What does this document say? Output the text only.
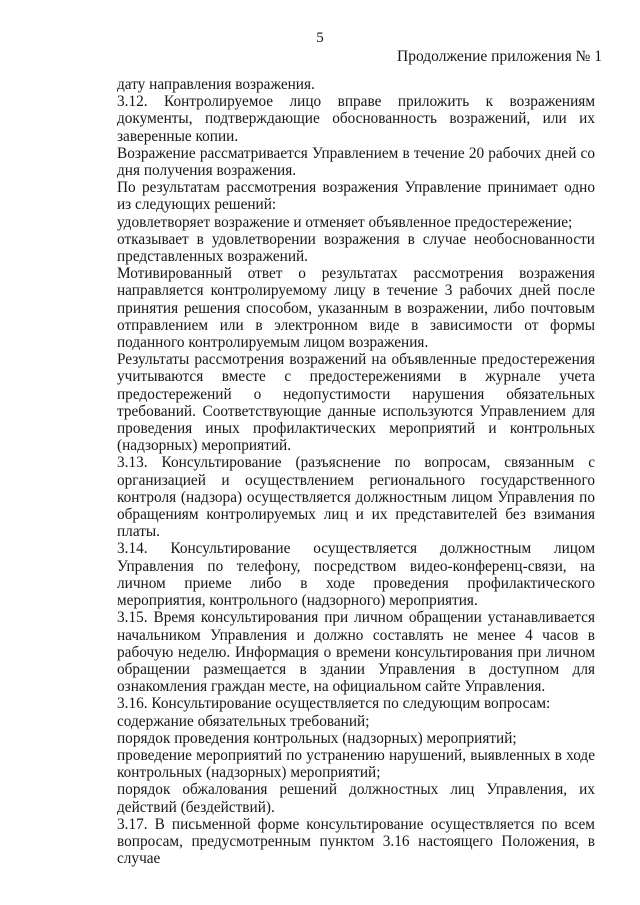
5
Продолжение приложения № 1

дату направления возражения.

3.12. Контролируемое лицо вправе приложить к возражениям документы, подтверждающие обоснованность возражений, или их заверенные копии.

Возражение рассматривается Управлением в течение 20 рабочих дней со дня получения возражения.

По результатам рассмотрения возражения Управление принимает одно из следующих решений:

удовлетворяет возражение и отменяет объявленное предостережение;

отказывает в удовлетворении возражения в случае необоснованности представленных возражений.

Мотивированный ответ о результатах рассмотрения возражения направляется контролируемому лицу в течение 3 рабочих дней после принятия решения способом, указанным в возражении, либо почтовым отправлением или в электронном виде в зависимости от формы поданного контролируемым лицом возражения.

Результаты рассмотрения возражений на объявленные предостережения учитываются вместе с предостережениями в журнале учета предостережений о недопустимости нарушения обязательных требований. Соответствующие данные используются Управлением для проведения иных профилактических мероприятий и контрольных (надзорных) мероприятий.

3.13. Консультирование (разъяснение по вопросам, связанным с организацией и осуществлением регионального государственного контроля (надзора) осуществляется должностным лицом Управления по обращениям контролируемых лиц и их представителей без взимания платы.

3.14. Консультирование осуществляется должностным лицом Управления по телефону, посредством видео-конференц-связи, на личном приеме либо в ходе проведения профилактического мероприятия, контрольного (надзорного) мероприятия.

3.15. Время консультирования при личном обращении устанавливается начальником Управления и должно составлять не менее 4 часов в рабочую неделю. Информация о времени консультирования при личном обращении размещается в здании Управления в доступном для ознакомления граждан месте, на официальном сайте Управления.

3.16. Консультирование осуществляется по следующим вопросам:

содержание обязательных требований;

порядок проведения контрольных (надзорных) мероприятий;

проведение мероприятий по устранению нарушений, выявленных в ходе контрольных (надзорных) мероприятий;

порядок обжалования решений должностных лиц Управления, их действий (бездействий).

3.17. В письменной форме консультирование осуществляется по всем вопросам, предусмотренным пунктом 3.16 настоящего Положения, в случае
